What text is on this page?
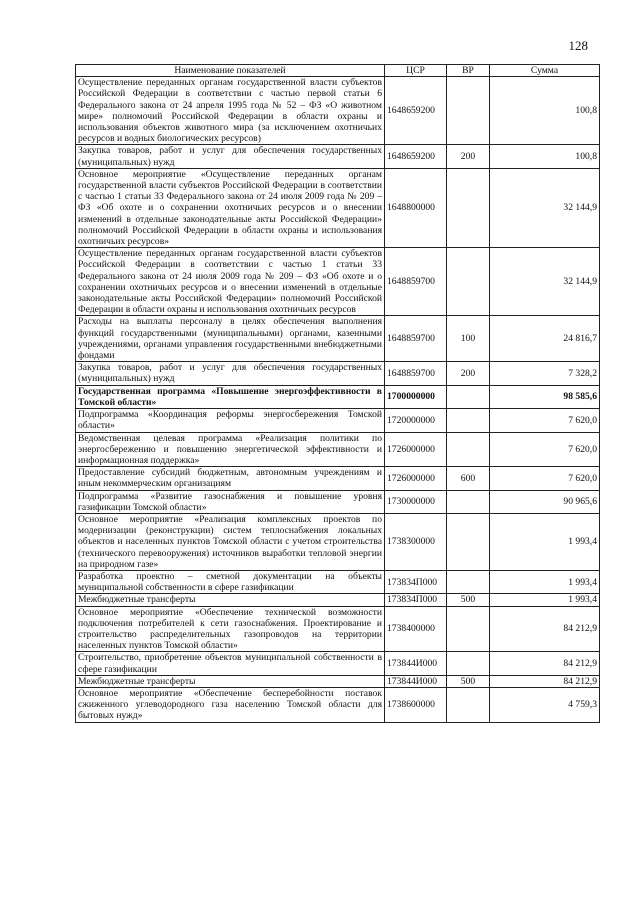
128
Наименование показателей	ЦСР	ВР	Сумма
Осуществление переданных органам государственной власти субъектов Российской Федерации в соответствии с частью первой статьи 6 Федерального закона от 24 апреля 1995 года № 52 – ФЗ «О животном мире» полномочий Российской Федерации в области охраны и использования объектов животного мира (за исключением охотничьих ресурсов и водных биологических ресурсов)	1648659200		100,8
Закупка товаров, работ и услуг для обеспечения государственных (муниципальных) нужд	1648659200	200	100,8
Основное мероприятие «Осуществление переданных органам государственной власти субъектов Российской Федерации в соответствии с частью 1 статьи 33 Федерального закона от 24 июля 2009 года № 209 – ФЗ «Об охоте и о сохранении охотничьих ресурсов и о внесении изменений в отдельные законодательные акты Российской Федерации» полномочий Российской Федерации в области охраны и использования охотничьих ресурсов»	1648800000		32 144,9
Осуществление переданных органам государственной власти субъектов Российской Федерации в соответствии с частью 1 статьи 33 Федерального закона от 24 июля 2009 года № 209 – ФЗ «Об охоте и о сохранении охотничьих ресурсов и о внесении изменений в отдельные законодательные акты Российской Федерации» полномочий Российской Федерации в области охраны и использования охотничьих ресурсов	1648859700		32 144,9
Расходы на выплаты персоналу в целях обеспечения выполнения функций государственными (муниципальными) органами, казенными учреждениями, органами управления государственными внебюджетными фондами	1648859700	100	24 816,7
Закупка товаров, работ и услуг для обеспечения государственных (муниципальных) нужд	1648859700	200	7 328,2
Государственная программа «Повышение энергоэффективности в Томской области»	1700000000		98 585,6
Подпрограмма «Координация реформы энергосбережения Томской области»	1720000000		7 620,0
Ведомственная целевая программа «Реализация политики по энергосбережению и повышению энергетической эффективности и информационная поддержка»	1726000000		7 620,0
Предоставление субсидий бюджетным, автономным учреждениям и иным некоммерческим организациям	1726000000	600	7 620,0
Подпрограмма «Развитие газоснабжения и повышение уровня газификации Томской области»	1730000000		90 965,6
Основное мероприятие «Реализация комплексных проектов по модернизации (реконструкции) систем теплоснабжения локальных объектов и населенных пунктов Томской области с учетом строительства (технического перевооружения) источников выработки тепловой энергии на природном газе»	1738300000		1 993,4
Разработка проектно – сметной документации на объекты муниципальной собственности в сфере газификации	173834П000		1 993,4
Межбюджетные трансферты	173834П000	500	1 993,4
Основное мероприятие «Обеспечение технической возможности подключения потребителей к сети газоснабжения. Проектирование и строительство распределительных газопроводов на территории населенных пунктов Томской области»	1738400000		84 212,9
Строительство, приобретение объектов муниципальной собственности в сфере газификации	173844И000		84 212,9
Межбюджетные трансферты	173844И000	500	84 212,9
Основное мероприятие «Обеспечение бесперебойности поставок сжиженного углеводородного газа населению Томской области для бытовых нужд»	1738600000		4 759,3
